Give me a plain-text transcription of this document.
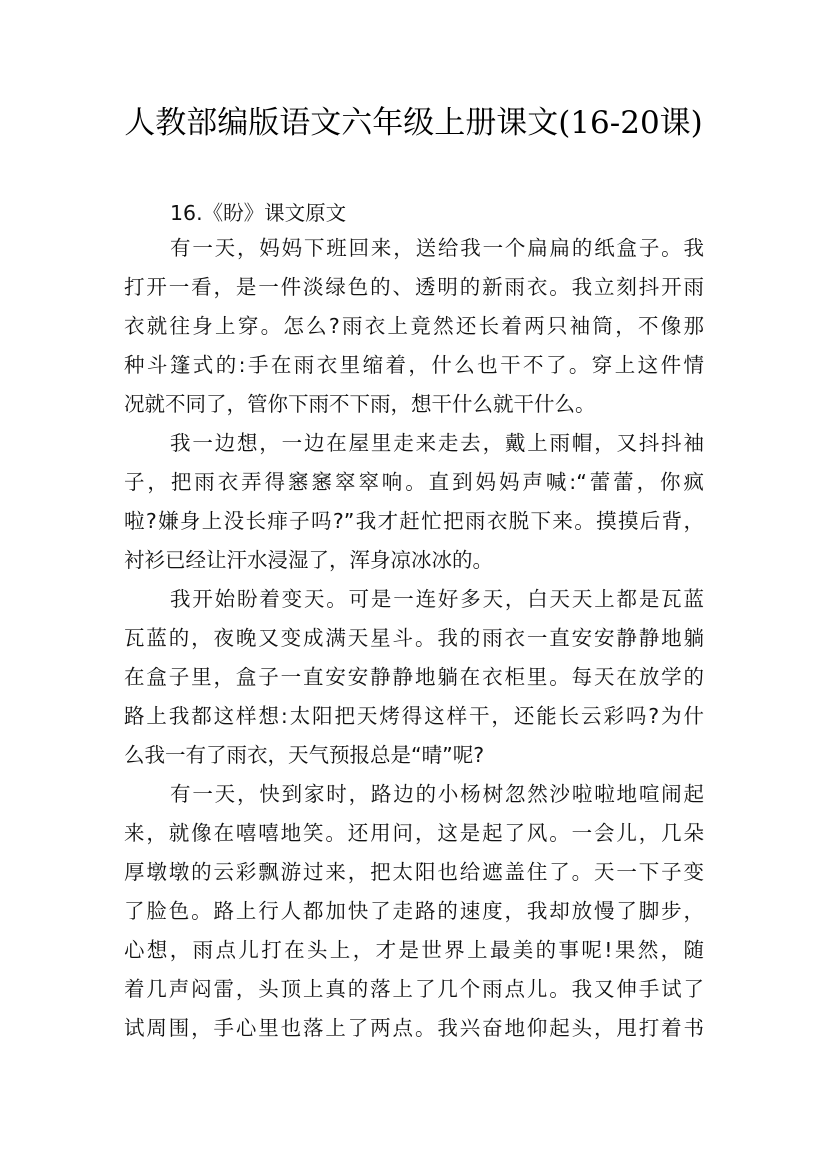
人教部编版语文六年级上册课文(16-20课)
16.《盼》课文原文
有一天，妈妈下班回来，送给我一个扁扁的纸盒子。我
打开一看，是一件淡绿色的、透明的新雨衣。我立刻抖开雨
衣就往身上穿。怎么?雨衣上竟然还长着两只袖筒，不像那
种斗篷式的:手在雨衣里缩着，什么也干不了。穿上这件情
况就不同了，管你下雨不下雨，想干什么就干什么。
我一边想，一边在屋里走来走去，戴上雨帽，又抖抖袖
子，把雨衣弄得窸窸窣窣响。直到妈妈声喊:“蕾蕾，你疯
啦?嫌身上没长痱子吗?”我才赶忙把雨衣脱下来。摸摸后背，
衬衫已经让汗水浸湿了，浑身凉冰冰的。
我开始盼着变天。可是一连好多天，白天天上都是瓦蓝
瓦蓝的，夜晚又变成满天星斗。我的雨衣一直安安静静地躺
在盒子里，盒子一直安安静静地躺在衣柜里。每天在放学的
路上我都这样想:太阳把天烤得这样干，还能长云彩吗?为什
么我一有了雨衣，天气预报总是“晴”呢?
有一天，快到家时，路边的小杨树忽然沙啦啦地喧闹起
来，就像在嘻嘻地笑。还用问，这是起了风。一会儿，几朵
厚墩墩的云彩飘游过来，把太阳也给遮盖住了。天一下子变
了脸色。路上行人都加快了走路的速度，我却放慢了脚步，
心想，雨点儿打在头上，才是世界上最美的事呢!果然，随
着几声闷雷，头顶上真的落上了几个雨点儿。我又伸手试了
试周围，手心里也落上了两点。我兴奋地仰起头，甩打着书
